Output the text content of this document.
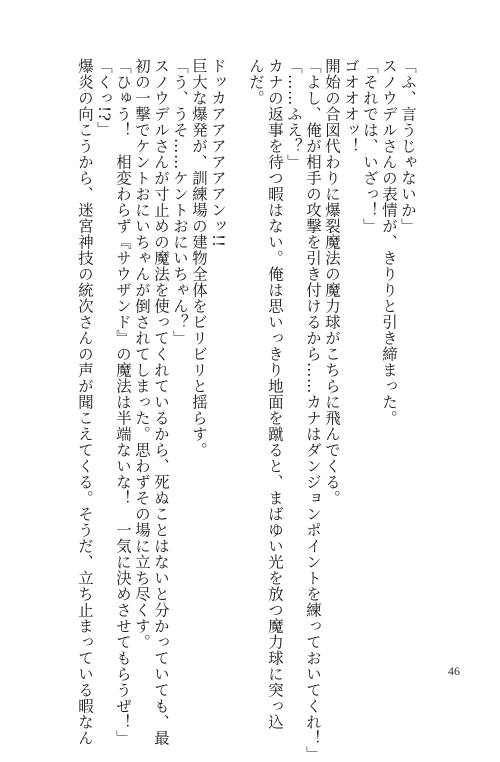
「ふ、言うじゃないか」
スノウデルさんの表情が、きりりと引き締まった。
「それでは、いざっ！」
ゴオオオッ！
開始の合図代わりに爆裂魔法の魔力球がこちらに飛んでくる。
「よし、俺が相手の攻撃を引き付けるから……カナはダンジョンポイントを練っておいてくれ！」
「……ふえ？」
カナの返事を待つ暇はない。俺は思いっきり地面を蹴ると、まばゆい光を放つ魔力球に突っ込
んだ。
ドッカアアアアアアンッ!!
巨大な爆発が、訓練場の建物全体をビリビリと揺らす。
「う、うそ……ケントおにいちゃん？」
スノウデルさんが寸止めの魔法を使ってくれているから、死ぬことはないと分かっていても、最
初の一撃でケントおにいちゃんが倒されてしまった。思わずその場に立ち尽くす。
「ひゅう！　相変わらず『サウザンド』の魔法は半端ないな！　一気に決めさせてもらうぜ！」
「くっ!?」
爆炎の向こうから、迷宮神技の統次さんの声が聞こえてくる。そうだ、立ち止まっている暇なん	46
